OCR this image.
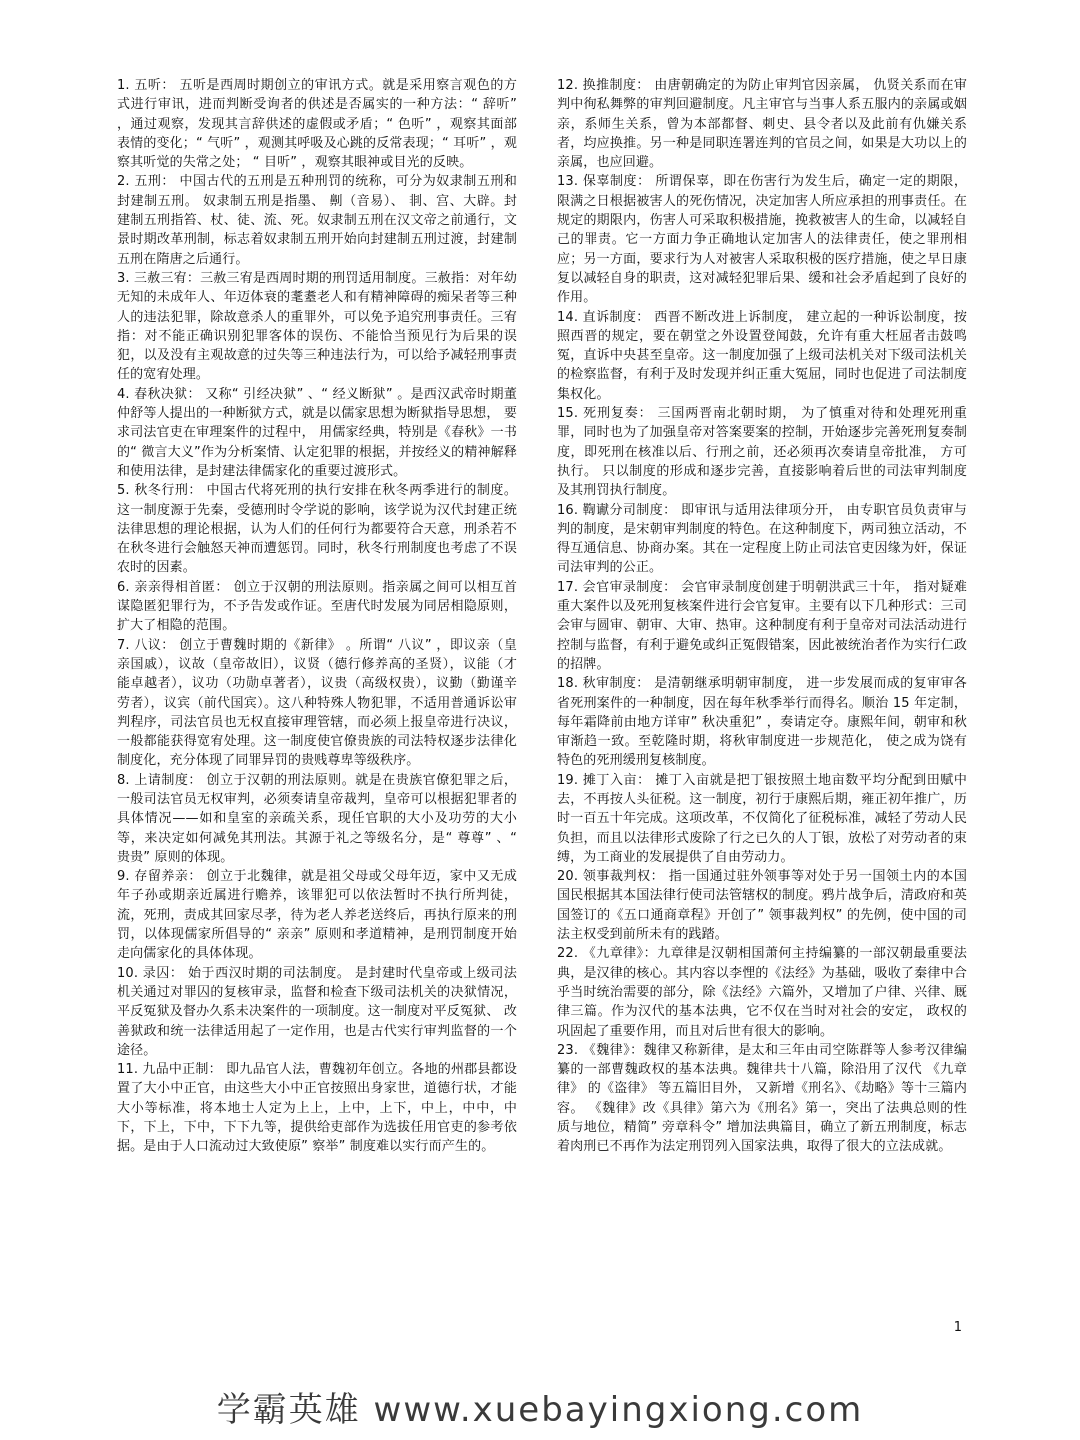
1. 五听： 五听是西周时期创立的审讯方式。就是采用察言观色的方式进行审讯，进而判断受询者的供述是否属实的一种方法：“ 辞听” ，通过观察，发现其言辞供述的虚假或矛盾；“ 色听” ，观察其面部表情的变化；“ 气听” ，观测其呼吸及心跳的反常表现；“ 耳听” ，观察其听觉的失常之处； “ 目听” ，观察其眼神或目光的反映。

2. 五刑： 中国古代的五刑是五种刑罚的统称，可分为奴隶制五刑和封建制五刑。 奴隶制五刑是指墨、 劓（音易）、 剕、宫、大辟。封建制五刑指笞、杖、徒、流、死。奴隶制五刑在汉文帝之前通行，文景时期改革刑制，标志着奴隶制五刑开始向封建制五刑过渡，封建制五刑在隋唐之后通行。

3. 三赦三宥：三赦三宥是西周时期的刑罚适用制度。三赦指：对年幼无知的未成年人、年迈体衰的耄耋老人和有精神障碍的痴呆者等三种人的违法犯罪，除故意杀人的重罪外，可以免予追究刑事责任。三宥指：对不能正确识别犯罪客体的误伤、不能恰当预见行为后果的误犯，以及没有主观故意的过失等三种违法行为，可以给予减轻刑事责任的宽宥处理。

4. 春秋决狱： 又称“ 引经决狱” 、“ 经义断狱” 。是西汉武帝时期董仲舒等人提出的一种断狱方式，就是以儒家思想为断狱指导思想， 要求司法官吏在审理案件的过程中， 用儒家经典，特别是《春秋》一书的“ 微言大义”作为分析案情、认定犯罪的根据，并按经义的精神解释和使用法律，是封建法律儒家化的重要过渡形式。

5. 秋冬行刑： 中国古代将死刑的执行安排在秋冬两季进行的制度。这一制度源于先秦，受德刑时令学说的影响，该学说为汉代封建正统法律思想的理论根据，认为人们的任何行为都要符合天意，刑杀若不在秋冬进行会触怒天神而遭惩罚。同时，秋冬行刑制度也考虑了不误农时的因素。

6. 亲亲得相首匿： 创立于汉朝的刑法原则。指亲属之间可以相互首谋隐匿犯罪行为，不予告发或作证。至唐代时发展为同居相隐原则，扩大了相隐的范围。

7. 八议： 创立于曹魏时期的《新律》 。所谓“ 八议” ，即议亲（皇亲国戚），议故（皇帝故旧），议贤（德行修养高的圣贤），议能（才能卓越者），议功（功勋卓著者），议贵（高级权贵），议勤（勤谨辛劳者），议宾（前代国宾）。这八种特殊人物犯罪，不适用普通诉讼审判程序，司法官员也无权直接审理管辖，而必须上报皇帝进行决议，一般都能获得宽宥处理。这一制度使官僚贵族的司法特权逐步法律化制度化，充分体现了同罪异罚的贵贱尊卑等级秩序。

8. 上请制度： 创立于汉朝的刑法原则。就是在贵族官僚犯罪之后，一般司法官员无权审判，必须奏请皇帝裁判，皇帝可以根据犯罪者的具体情况——如和皇室的亲疏关系，现任官职的大小及功劳的大小等，来决定如何减免其刑法。其源于礼之等级名分，是“ 尊尊” 、“ 贵贵” 原则的体现。

9. 存留养亲： 创立于北魏律，就是祖父母或父母年迈，家中又无成年子孙或期亲近属进行赡养，该罪犯可以依法暂时不执行所判徒，流，死刑，责成其回家尽孝，待为老人养老送终后，再执行原来的刑罚，以体现儒家所倡导的“ 亲亲” 原则和孝道精神，是刑罚制度开始走向儒家化的具体体现。

10. 录囚： 始于西汉时期的司法制度。 是封建时代皇帝或上级司法机关通过对罪囚的复核审录，监督和检查下级司法机关的决狱情况，平反冤狱及督办久系未决案件的一项制度。这一制度对平反冤狱、 改善狱政和统一法律适用起了一定作用，也是古代实行审判监督的一个途径。

11. 九品中正制： 即九品官人法，曹魏初年创立。各地的州郡县都设置了大小中正官，由这些大小中正官按照出身家世，道德行状，才能大小等标准，将本地士人定为上上，上中，上下，中上，中中，中下，下上，下中，下下九等，提供给吏部作为选拔任用官吏的参考依据。是由于人口流动过大致使原” 察举” 制度难以实行而产生的。

12. 换推制度： 由唐朝确定的为防止审判官因亲属， 仇贤关系而在审判中徇私舞弊的审判回避制度。凡主审官与当事人系五服内的亲属或姻亲，系师生关系，曾为本部都督、刺史、县令者以及此前有仇嫌关系者，均应换推。另一种是同职连署连判的官员之间，如果是大功以上的亲属，也应回避。

13. 保辜制度： 所谓保辜，即在伤害行为发生后，确定一定的期限，限满之日根据被害人的死伤情况，决定加害人所应承担的刑事责任。在规定的期限内，伤害人可采取积极措施，挽救被害人的生命，以减轻自己的罪责。它一方面力争正确地认定加害人的法律责任，使之罪刑相应；另一方面，要求行为人对被害人采取积极的医疗措施，使之早日康复以减轻自身的职责，这对减轻犯罪后果、缓和社会矛盾起到了良好的作用。

14. 直诉制度： 西晋不断改进上诉制度， 建立起的一种诉讼制度，按照西晋的规定，要在朝堂之外设置登闻鼓，允许有重大枉屈者击鼓鸣冤，直诉中央甚至皇帝。这一制度加强了上级司法机关对下级司法机关的检察监督，有利于及时发现并纠正重大冤屈，同时也促进了司法制度集权化。

15. 死刑复奏： 三国两晋南北朝时期， 为了慎重对待和处理死刑重罪，同时也为了加强皇帝对答案要案的控制，开始逐步完善死刑复奏制度，即死刑在核准以后、行刑之前，还必须再次奏请皇帝批准， 方可执行。 只以制度的形成和逐步完善，直接影响着后世的司法审判制度及其刑罚执行制度。

16. 鞫谳分司制度： 即审讯与适用法律项分开， 由专职官员负责审与判的制度，是宋朝审判制度的特色。在这种制度下，两司独立活动，不得互通信息、协商办案。其在一定程度上防止司法官吏因缘为奸，保证司法审判的公正。

17. 会官审录制度： 会官审录制度创建于明朝洪武三十年， 指对疑难重大案件以及死刑复核案件进行会官复审。主要有以下几种形式：三司会审与圆审、朝审、大审、热审。这种制度有利于皇帝对司法活动进行控制与监督，有利于避免或纠正冤假错案，因此被统治者作为实行仁政的招牌。

18. 秋审制度： 是清朝继承明朝审制度， 进一步发展而成的复审审各省死刑案件的一种制度，因在每年秋季举行而得名。顺治 15 年定制，每年霜降前由地方详审” 秋决重犯” ，奏请定夺。康熙年间，朝审和秋审渐趋一致。至乾隆时期，将秋审制度进一步规范化， 使之成为饶有特色的死刑缓刑复核制度。

19. 摊丁入亩： 摊丁入亩就是把丁银按照土地亩数平均分配到田赋中去，不再按人头征税。这一制度，初行于康熙后期，雍正初年推广，历时一百五十年完成。这项改革，不仅简化了征税标准，减轻了劳动人民负担，而且以法律形式废除了行之已久的人丁银，放松了对劳动者的束缚，为工商业的发展提供了自由劳动力。

20. 领事裁判权： 指一国通过驻外领事等对处于另一国领土内的本国国民根据其本国法律行使司法管辖权的制度。鸦片战争后，清政府和英国签订的《五口通商章程》开创了” 领事裁判权” 的先例，使中国的司法主权受到前所未有的践踏。

22. 《九章律》：九章律是汉朝相国萧何主持编纂的一部汉朝最重要法典，是汉律的核心。其内容以李悝的《法经》为基础，吸收了秦律中合乎当时统治需要的部分，除《法经》六篇外，又增加了户律、兴律、厩律三篇。作为汉代的基本法典，它不仅在当时对社会的安定， 政权的巩固起了重要作用，而且对后世有很大的影响。

23. 《魏律》：魏律又称新律，是太和三年由司空陈群等人参考汉律编纂的一部曹魏政权的基本法典。魏律共十八篇，除沿用了汉代 《九章律》 的《盗律》 等五篇旧目外， 又新增《刑名》、《劫略》等十三篇内容。 《魏律》改《具律》第六为《刑名》第一，突出了法典总则的性质与地位，精简” 旁章科令” 增加法典篇目，确立了新五刑制度，标志着肉刑已不再作为法定刑罚列入国家法典，取得了很大的立法成就。

1
学霸英雄 www.xuebayingxiong.com
